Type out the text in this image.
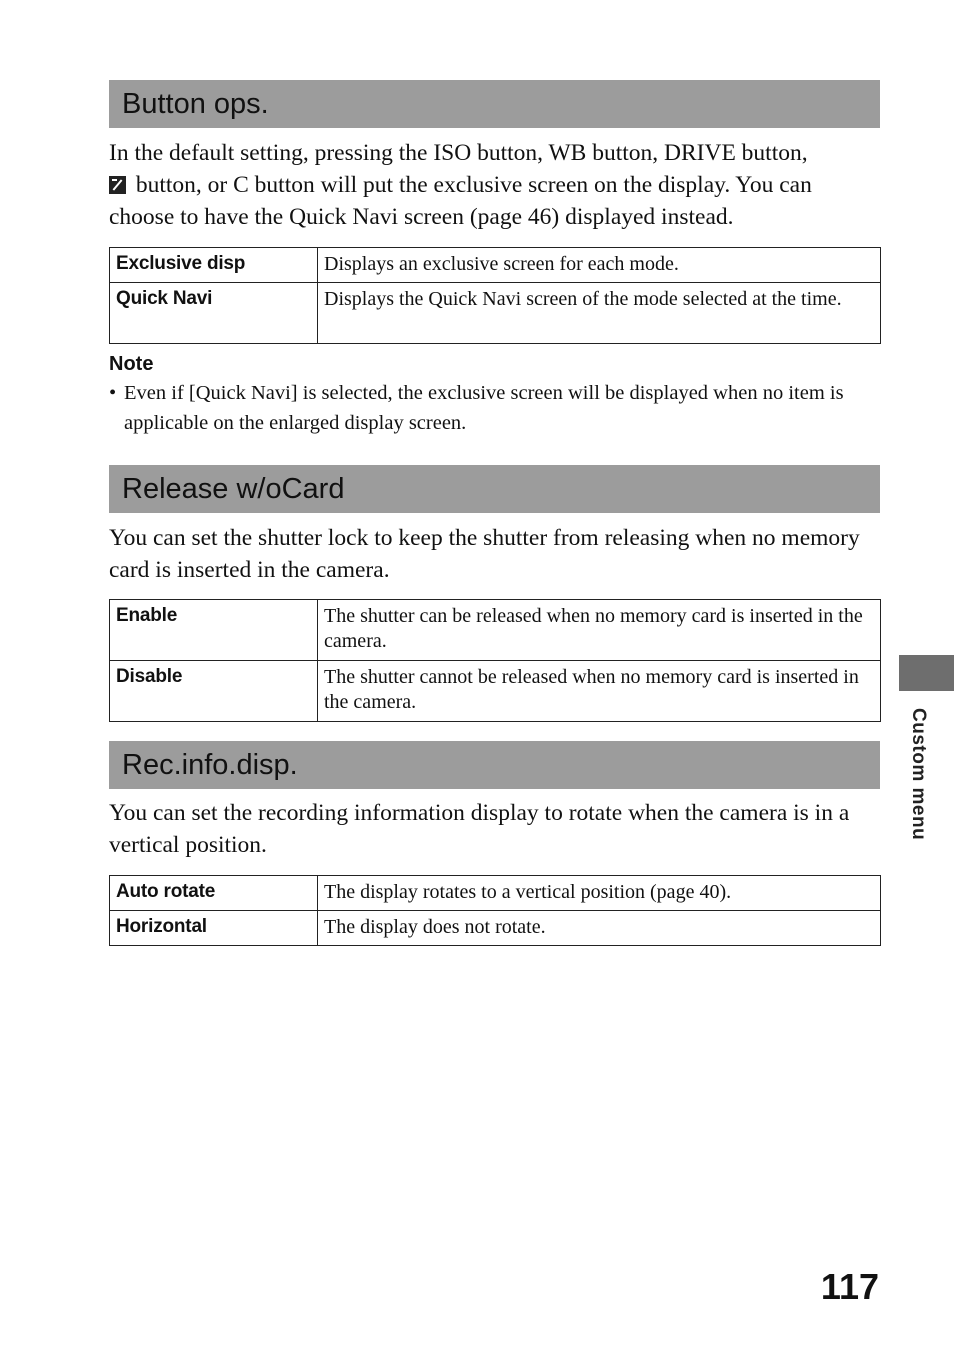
Button ops.

In the default setting, pressing the ISO button, WB button, DRIVE button,
button, or C button will put the exclusive screen on the display. You can
choose to have the Quick Navi screen (page 46) displayed instead.

Exclusive disp	Displays an exclusive screen for each mode.
Quick Navi	Displays the Quick Navi screen of the mode selected at the time.
Note
• Even if [Quick Navi] is selected, the exclusive screen will be displayed when no item is applicable on the enlarged display screen.
Release w/oCard

You can set the shutter lock to keep the shutter from releasing when no memory card is inserted in the camera.

Enable	The shutter can be released when no memory card is inserted in the camera.
Disable	The shutter cannot be released when no memory card is inserted in the camera.
Rec.info.disp.

You can set the recording information display to rotate when the camera is in a vertical position.

Auto rotate	The display rotates to a vertical position (page 40).
Horizontal	The display does not rotate.
Custom menu
117
